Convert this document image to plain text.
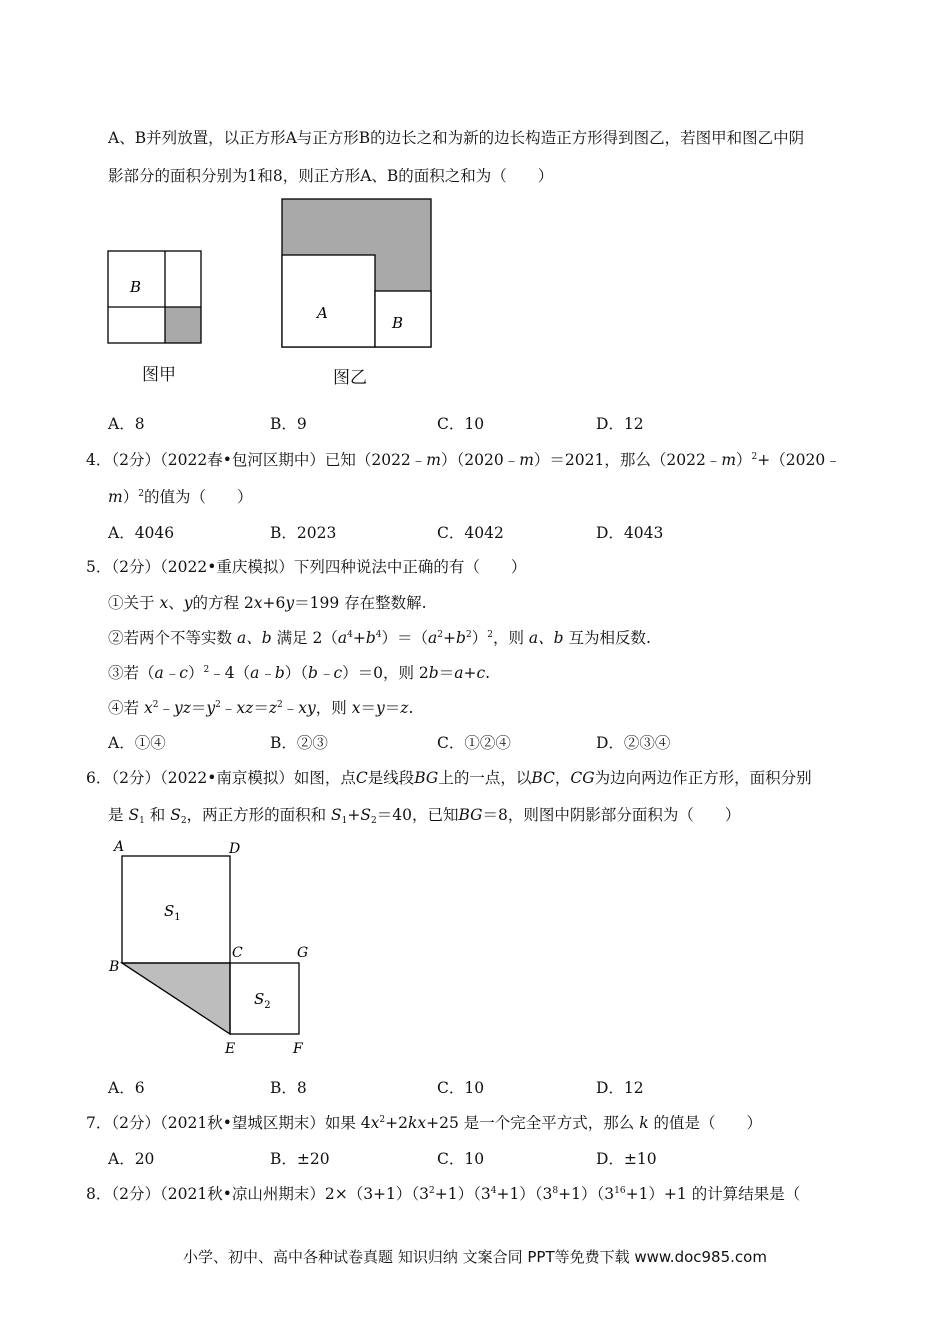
A、B并列放置，以正方形A与正方形B的边长之和为新的边长构造正方形得到图乙，若图甲和图乙中阴
影部分的面积分别为1和8，则正方形A、B的面积之和为（　　）
B
图甲
A
B
图乙
A．8	B．9	C．10	D．12
4．（2分）（2022春•包河区期中）已知（2022﹣m）（2020﹣m）＝2021，那么（2022﹣m）$^2$+（2020﹣
m）$^2$的值为（　　）
A．4046	B．2023	C．4042	D．4043
5．（2分）（2022•重庆模拟）下列四种说法中正确的有（　　）
①关于 x、y的方程 2x+6y＝199 存在整数解.
②若两个不等实数 a、b 满足 $2(a^4+b^4)=(a^2+b^2)^2$，则 a、b 互为相反数.
③若（a﹣c）$^2$﹣4（a﹣b）（b﹣c）＝0，则 2b＝a+c.
④若 $x^2﹣yz=y^2﹣xz=z^2﹣xy$，则 x＝y＝z.
A．①④	B．②③	C．①②④	D．②③④
6．（2分）（2022•南京模拟）如图，点C是线段BG上的一点，以BC，CG为边向两边作正方形，面积分别
是 $S_1$ 和 $S_2$，两正方形的面积和 $S_1+S_2=40$，已知BG＝8，则图中阴影部分面积为（　　）
A	D
B
C	G
E	F
$S_1$
$S_2$
A．6	B．8	C．10	D．12
7．（2分）（2021秋•望城区期末）如果 $4x^2+2kx+25$ 是一个完全平方式，那么 k 的值是（　　）
A．20	B．±20	C．10	D．±10
8．（2分）（2021秋•凉山州期末）$2\times(3+1)(3^2+1)(3^4+1)(3^8+1)(3^{16}+1)+1$ 的计算结果是（
小学、初中、高中各种试卷真题 知识归纳 文案合同 PPT等免费下载 www.doc985.com
